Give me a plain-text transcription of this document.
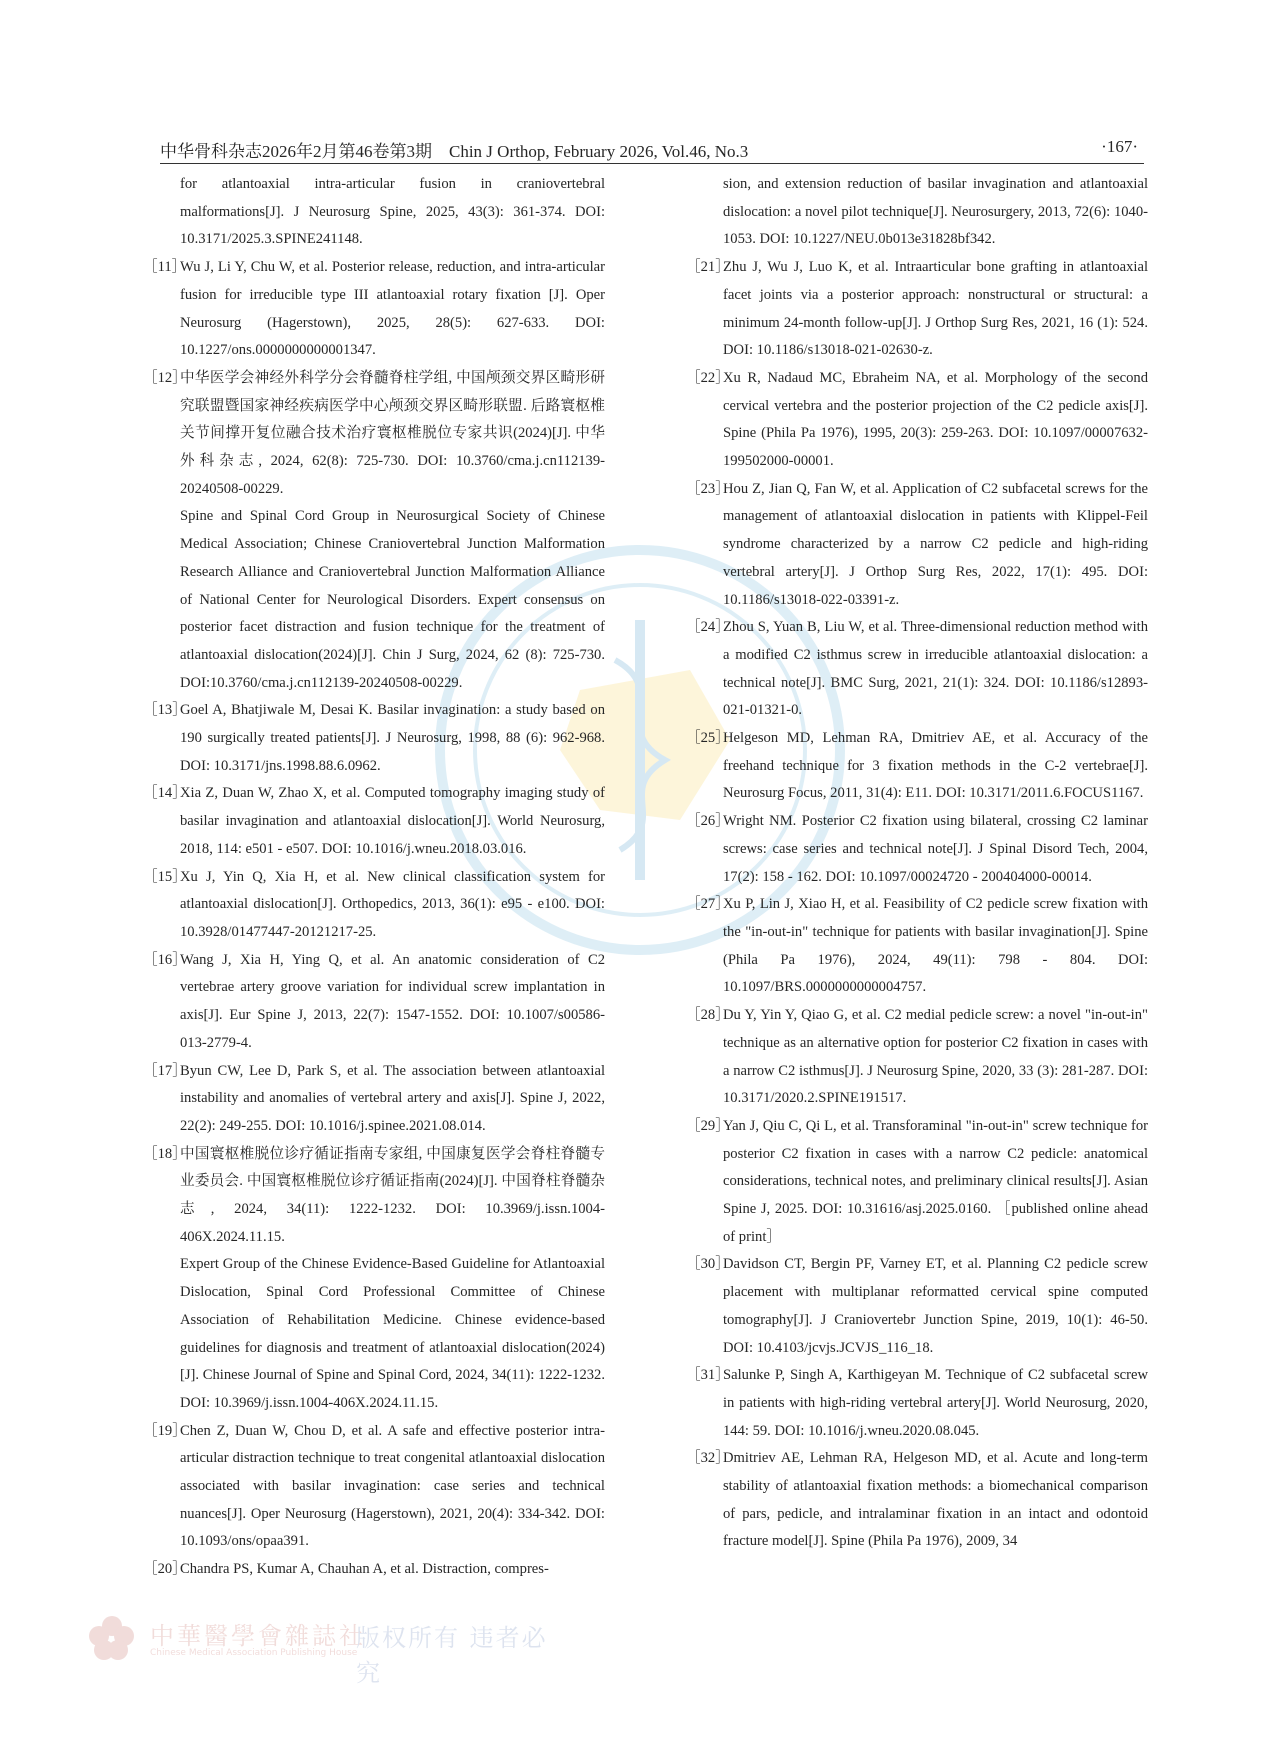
中华骨科杂志2026年2月第46卷第3期　Chin J Orthop, February 2026, Vol.46, No.3	·167·
for atlantoaxial intra-articular fusion in craniovertebral malformations[J]. J Neurosurg Spine, 2025, 43(3): 361-374. DOI: 10.3171/2025.3.SPINE241148.
［11］
Wu J, Li Y, Chu W, et al. Posterior release, reduction, and intra-articular fusion for irreducible type III atlantoaxial rotary fixation [J]. Oper Neurosurg (Hagerstown), 2025, 28(5): 627-633. DOI: 10.1227/ons.0000000000001347.
［12］
中华医学会神经外科学分会脊髓脊柱学组, 中国颅颈交界区畸形研究联盟暨国家神经疾病医学中心颅颈交界区畸形联盟. 后路寰枢椎关节间撑开复位融合技术治疗寰枢椎脱位专家共识(2024)[J]. 中华外科杂志, 2024, 62(8): 725-730. DOI: 10.3760/cma.j.cn112139-20240508-00229.
Spine and Spinal Cord Group in Neurosurgical Society of Chinese Medical Association; Chinese Craniovertebral Junction Malformation Research Alliance and Craniovertebral Junction Malformation Alliance of National Center for Neurological Disorders. Expert consensus on posterior facet distraction and fusion technique for the treatment of atlantoaxial dislocation(2024)[J]. Chin J Surg, 2024, 62 (8): 725-730. DOI:10.3760/cma.j.cn112139-20240508-00229.
［13］
Goel A, Bhatjiwale M, Desai K. Basilar invagination: a study based on 190 surgically treated patients[J]. J Neurosurg, 1998, 88 (6): 962-968. DOI: 10.3171/jns.1998.88.6.0962.
［14］
Xia Z, Duan W, Zhao X, et al. Computed tomography imaging study of basilar invagination and atlantoaxial dislocation[J]. World Neurosurg, 2018, 114: e501 - e507. DOI: 10.1016/j.wneu.2018.03.016.
［15］
Xu J, Yin Q, Xia H, et al. New clinical classification system for atlantoaxial dislocation[J]. Orthopedics, 2013, 36(1): e95 - e100. DOI: 10.3928/01477447-20121217-25.
［16］
Wang J, Xia H, Ying Q, et al. An anatomic consideration of C2 vertebrae artery groove variation for individual screw implantation in axis[J]. Eur Spine J, 2013, 22(7): 1547-1552. DOI: 10.1007/s00586-013-2779-4.
［17］
Byun CW, Lee D, Park S, et al. The association between atlantoaxial instability and anomalies of vertebral artery and axis[J]. Spine J, 2022, 22(2): 249-255. DOI: 10.1016/j.spinee.2021.08.014.
［18］
中国寰枢椎脱位诊疗循证指南专家组, 中国康复医学会脊柱脊髓专业委员会. 中国寰枢椎脱位诊疗循证指南(2024)[J]. 中国脊柱脊髓杂志, 2024, 34(11): 1222-1232. DOI: 10.3969/j.issn.1004-406X.2024.11.15.
Expert Group of the Chinese Evidence-Based Guideline for Atlantoaxial Dislocation, Spinal Cord Professional Committee of Chinese Association of Rehabilitation Medicine. Chinese evidence-based guidelines for diagnosis and treatment of atlantoaxial dislocation(2024)[J]. Chinese Journal of Spine and Spinal Cord, 2024, 34(11): 1222-1232. DOI: 10.3969/j.issn.1004-406X.2024.11.15.
［19］
Chen Z, Duan W, Chou D, et al. A safe and effective posterior intra-articular distraction technique to treat congenital atlantoaxial dislocation associated with basilar invagination: case series and technical nuances[J]. Oper Neurosurg (Hagerstown), 2021, 20(4): 334-342. DOI: 10.1093/ons/opaa391.
［20］
Chandra PS, Kumar A, Chauhan A, et al. Distraction, compres-
sion, and extension reduction of basilar invagination and atlantoaxial dislocation: a novel pilot technique[J]. Neurosurgery, 2013, 72(6): 1040-1053. DOI: 10.1227/NEU.0b013e31828bf342.
［21］
Zhu J, Wu J, Luo K, et al. Intraarticular bone grafting in atlantoaxial facet joints via a posterior approach: nonstructural or structural: a minimum 24-month follow-up[J]. J Orthop Surg Res, 2021, 16 (1): 524. DOI: 10.1186/s13018-021-02630-z.
［22］
Xu R, Nadaud MC, Ebraheim NA, et al. Morphology of the second cervical vertebra and the posterior projection of the C2 pedicle axis[J]. Spine (Phila Pa 1976), 1995, 20(3): 259-263. DOI: 10.1097/00007632-199502000-00001.
［23］
Hou Z, Jian Q, Fan W, et al. Application of C2 subfacetal screws for the management of atlantoaxial dislocation in patients with Klippel-Feil syndrome characterized by a narrow C2 pedicle and high-riding vertebral artery[J]. J Orthop Surg Res, 2022, 17(1): 495. DOI: 10.1186/s13018-022-03391-z.
［24］
Zhou S, Yuan B, Liu W, et al. Three-dimensional reduction method with a modified C2 isthmus screw in irreducible atlantoaxial dislocation: a technical note[J]. BMC Surg, 2021, 21(1): 324. DOI: 10.1186/s12893-021-01321-0.
［25］
Helgeson MD, Lehman RA, Dmitriev AE, et al. Accuracy of the freehand technique for 3 fixation methods in the C-2 vertebrae[J]. Neurosurg Focus, 2011, 31(4): E11. DOI: 10.3171/2011.6.FOCUS1167.
［26］
Wright NM. Posterior C2 fixation using bilateral, crossing C2 laminar screws: case series and technical note[J]. J Spinal Disord Tech, 2004, 17(2): 158 - 162. DOI: 10.1097/00024720 - 200404000-00014.
［27］
Xu P, Lin J, Xiao H, et al. Feasibility of C2 pedicle screw fixation with the "in-out-in" technique for patients with basilar invagination[J]. Spine (Phila Pa 1976), 2024, 49(11): 798 - 804. DOI: 10.1097/BRS.0000000000004757.
［28］
Du Y, Yin Y, Qiao G, et al. C2 medial pedicle screw: a novel "in-out-in" technique as an alternative option for posterior C2 fixation in cases with a narrow C2 isthmus[J]. J Neurosurg Spine, 2020, 33 (3): 281-287. DOI: 10.3171/2020.2.SPINE191517.
［29］
Yan J, Qiu C, Qi L, et al. Transforaminal "in-out-in" screw technique for posterior C2 fixation in cases with a narrow C2 pedicle: anatomical considerations, technical notes, and preliminary clinical results[J]. Asian Spine J, 2025. DOI: 10.31616/asj.2025.0160. ［published online ahead of print］
［30］
Davidson CT, Bergin PF, Varney ET, et al. Planning C2 pedicle screw placement with multiplanar reformatted cervical spine computed tomography[J]. J Craniovertebr Junction Spine, 2019, 10(1): 46-50. DOI: 10.4103/jcvjs.JCVJS_116_18.
［31］
Salunke P, Singh A, Karthigeyan M. Technique of C2 subfacetal screw in patients with high-riding vertebral artery[J]. World Neurosurg, 2020, 144: 59. DOI: 10.1016/j.wneu.2020.08.045.
［32］
Dmitriev AE, Lehman RA, Helgeson MD, et al. Acute and long-term stability of atlantoaxial fixation methods: a biomechanical comparison of pars, pedicle, and intralaminar fixation in an intact and odontoid fracture model[J]. Spine (Phila Pa 1976), 2009, 34
中華醫學會雜誌社
Chinese Medical Association Publishing House
版权所有 违者必究
